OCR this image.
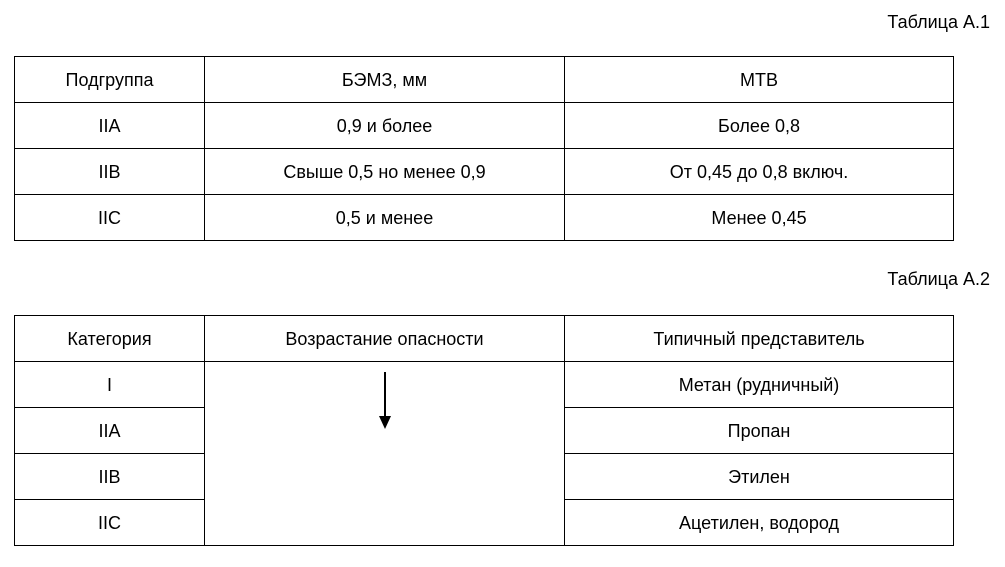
Таблица А.1
Подгруппа	БЭМЗ, мм	МТВ
IIA	0,9 и более	Более 0,8
IIB	Свыше 0,5 но менее 0,9	От 0,45 до 0,8 включ.
IIC	0,5 и менее	Менее 0,45
Таблица А.2
Категория	Возрастание опасности	Типичный представитель
I		Метан (рудничный)
IIA		Пропан
IIB		Этилен
IIC		Ацетилен, водород
